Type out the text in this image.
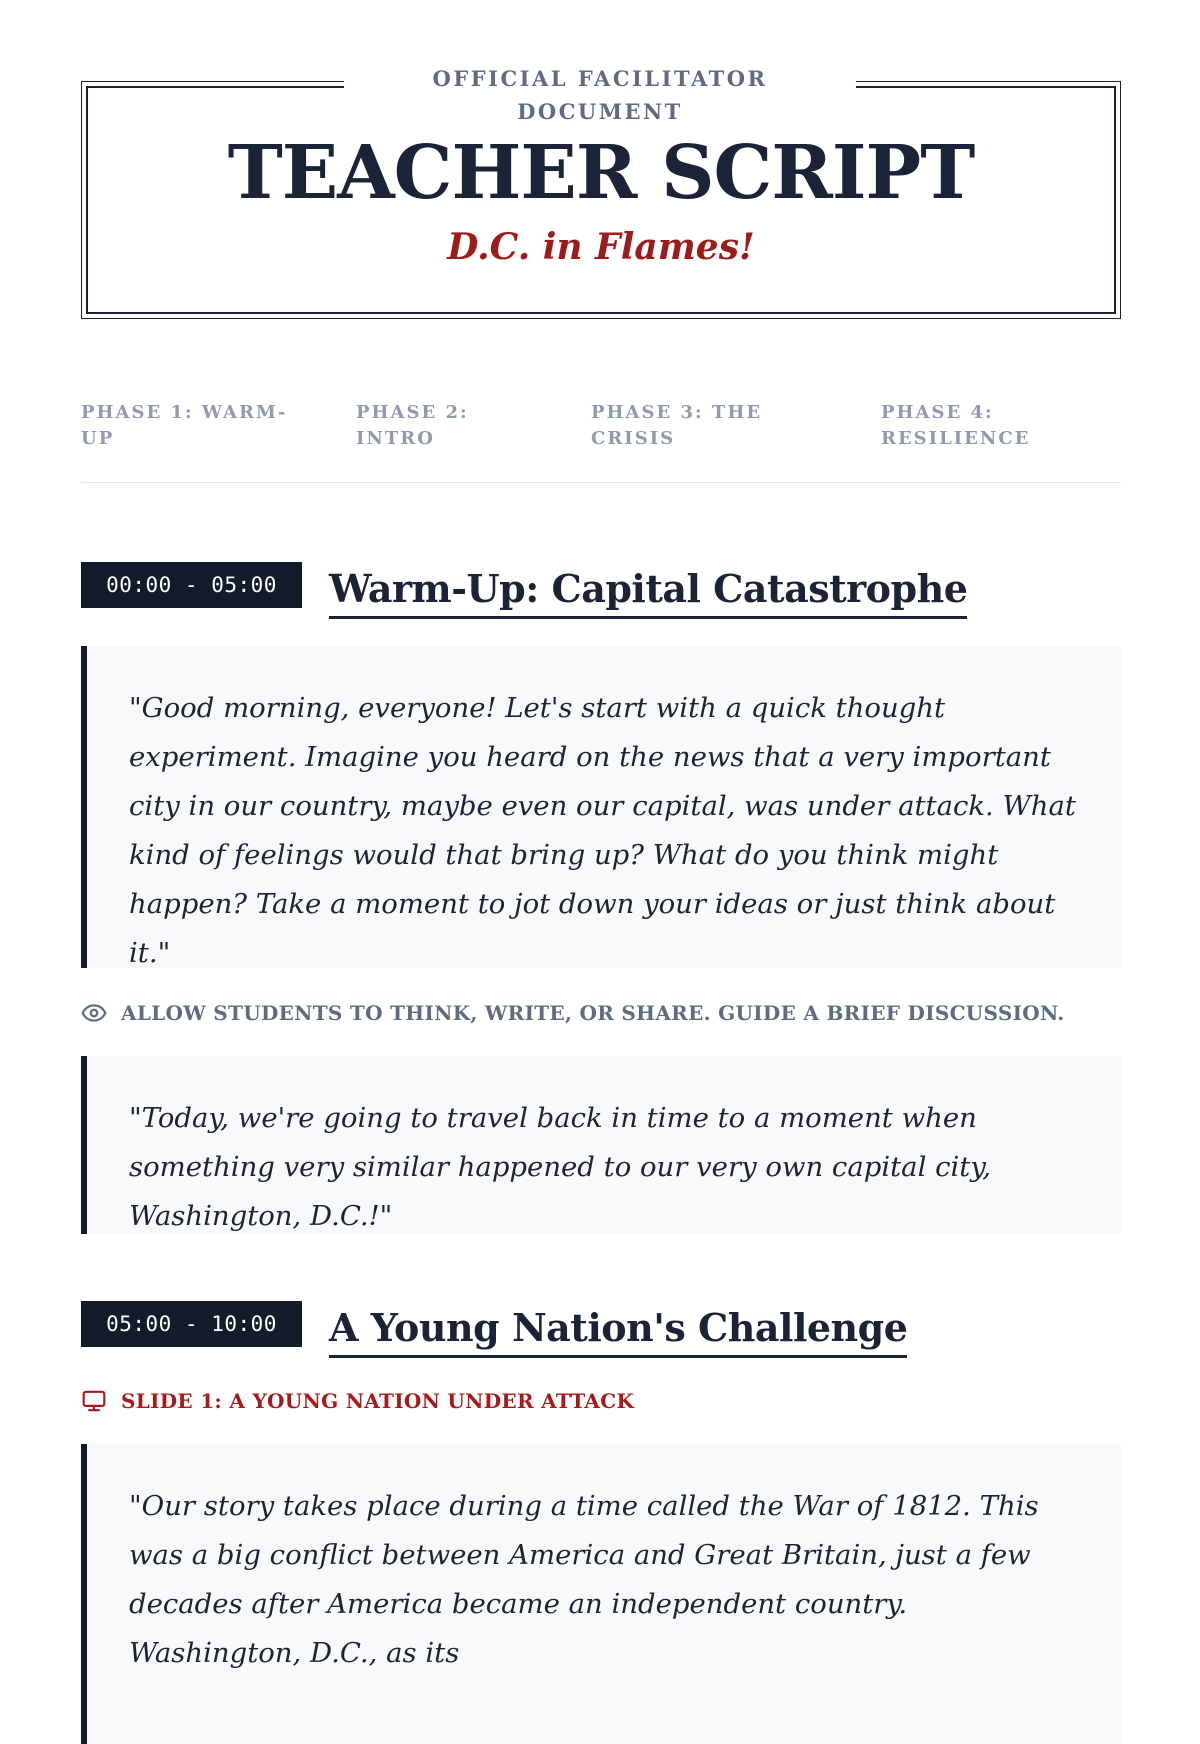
OFFICIAL FACILITATOR
DOCUMENT

TEACHER SCRIPT

D.C. in Flames!

PHASE 1: WARM-
UP
PHASE 2:
INTRO
PHASE 3: THE
CRISIS
PHASE 4:
RESILIENCE
00:00 - 05:00	Warm-Up: Capital Catastrophe

"Good morning, everyone! Let's start with a quick thought experiment. Imagine you heard on the news that a very important city in our country, maybe even our capital, was under attack. What kind of feelings would that bring up? What do you think might happen? Take a moment to jot down your ideas or just think about it."

ALLOW STUDENTS TO THINK, WRITE, OR SHARE. GUIDE A BRIEF DISCUSSION.

"Today, we're going to travel back in time to a moment when something very similar happened to our very own capital city, Washington, D.C.!"

05:00 - 10:00	A Young Nation's Challenge
SLIDE 1: A YOUNG NATION UNDER ATTACK

"Our story takes place during a time called the War of 1812. This was a big conflict between America and Great Britain, just a few decades after America became an independent country. Washington, D.C., as its
